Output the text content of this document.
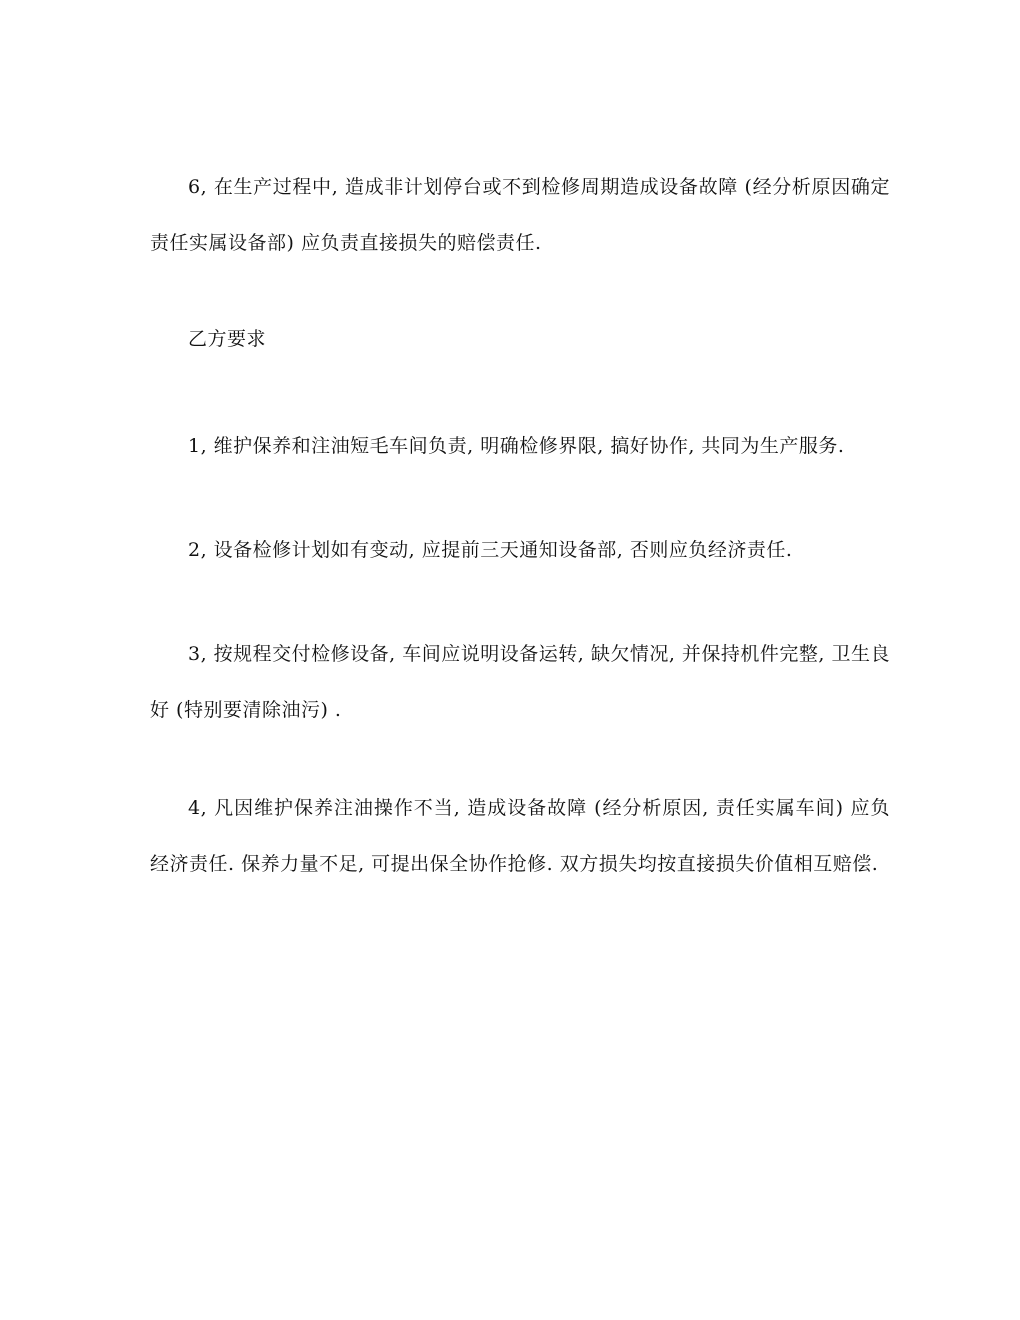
6, 在生产过程中, 造成非计划停台或不到检修周期造成设备故障 (经分析原因确定责任实属设备部) 应负责直接损失的赔偿责任.

乙方要求

1, 维护保养和注油短毛车间负责, 明确检修界限, 搞好协作, 共同为生产服务.

2, 设备检修计划如有变动, 应提前三天通知设备部, 否则应负经济责任.

3, 按规程交付检修设备, 车间应说明设备运转, 缺欠情况, 并保持机件完整, 卫生良好 (特别要清除油污) .

4, 凡因维护保养注油操作不当, 造成设备故障 (经分析原因, 责任实属车间) 应负经济责任. 保养力量不足, 可提出保全协作抢修. 双方损失均按直接损失价值相互赔偿.
